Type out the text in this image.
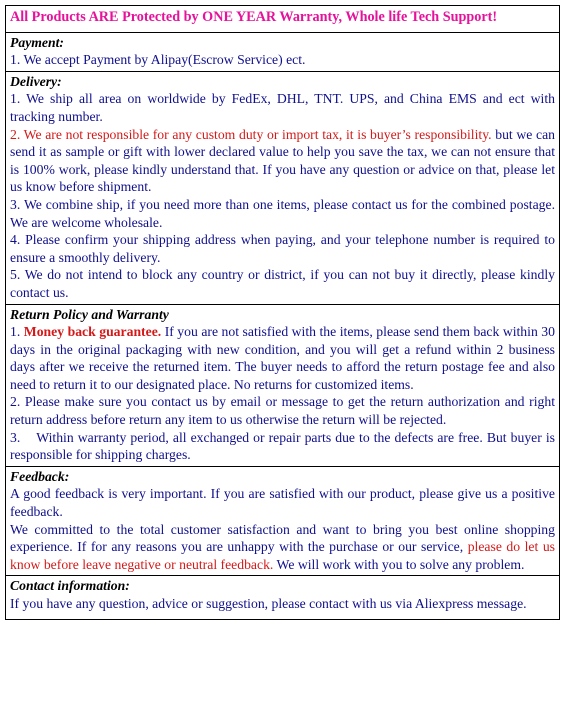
All Products ARE Protected by ONE YEAR Warranty, Whole life Tech Support!

Payment:
1. We accept Payment by Alipay(Escrow Service) ect.

Delivery:
1. We ship all area on worldwide by FedEx, DHL, TNT. UPS, and China EMS and ect with tracking number.
2. We are not responsible for any custom duty or import tax, it is buyer’s responsibility. but we can send it as sample or gift with lower declared value to help you save the tax, we can not ensure that is 100% work, please kindly understand that. If you have any question or advice on that, please let us know before shipment.
3. We combine ship, if you need more than one items, please contact us for the combined postage. We are welcome wholesale.
4. Please confirm your shipping address when paying, and your telephone number is required to ensure a smoothly delivery.
5. We do not intend to block any country or district, if you can not buy it directly, please kindly contact us.

Return Policy and Warranty
1. Money back guarantee. If you are not satisfied with the items, please send them back within 30 days in the original packaging with new condition, and you will get a refund within 2 business days after we receive the returned item. The buyer needs to afford the return postage fee and also need to return it to our designated place. No returns for customized items.
2. Please make sure you contact us by email or message to get the return authorization and right return address before return any item to us otherwise the return will be rejected.
3.    Within warranty period, all exchanged or repair parts due to the defects are free. But buyer is responsible for shipping charges.

Feedback:
A good feedback is very important. If you are satisfied with our product, please give us a positive feedback.
We committed to the total customer satisfaction and want to bring you best online shopping experience. If for any reasons you are unhappy with the purchase or our service, please do let us know before leave negative or neutral feedback. We will work with you to solve any problem.

Contact information:
If you have any question, advice or suggestion, please contact with us via Aliexpress message.
